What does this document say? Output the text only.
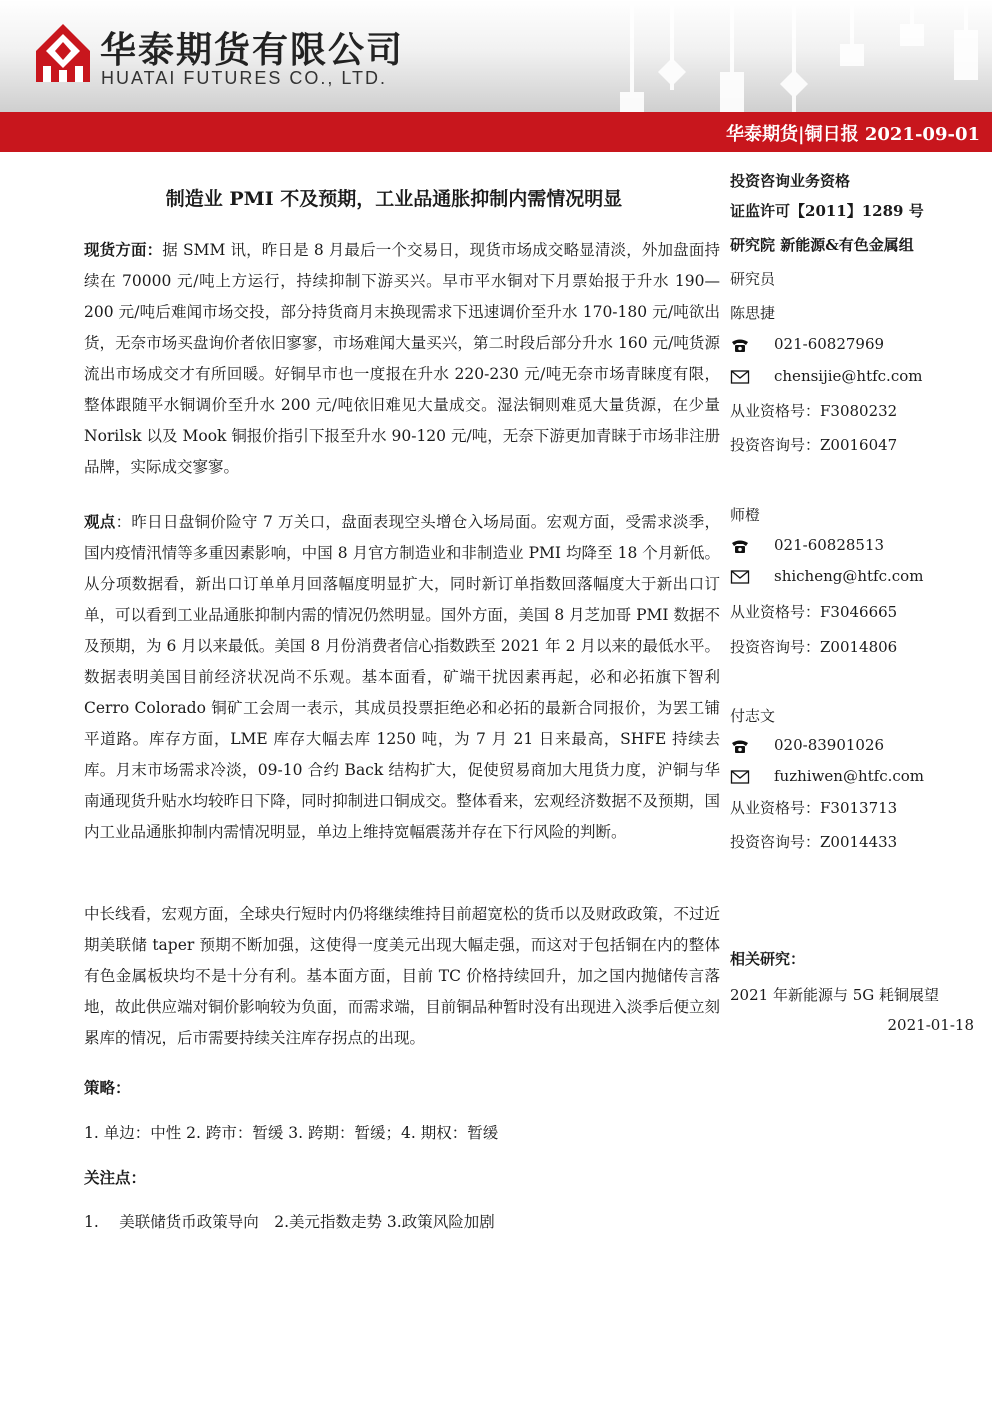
华泰期货有限公司
HUATAI FUTURES CO., LTD.
华泰期货|铜日报 2021-09-01
制造业 PMI 不及预期，工业品通胀抑制内需情况明显

现货方面：据 SMM 讯，昨日是 8 月最后一个交易日，现货市场成交略显清淡，外加盘面持续在 70000 元/吨上方运行，持续抑制下游买兴。早市平水铜对下月票始报于升水 190—200 元/吨后难闻市场交投，部分持货商月末换现需求下迅速调价至升水 170-180 元/吨欲出货，无奈市场买盘询价者依旧寥寥，市场难闻大量买兴，第二时段后部分升水 160 元/吨货源流出市场成交才有所回暖。好铜早市也一度报在升水 220-230 元/吨无奈市场青睐度有限，整体跟随平水铜调价至升水 200 元/吨依旧难见大量成交。湿法铜则难觅大量货源，在少量 Norilsk 以及 Mook 铜报价指引下报至升水 90-120 元/吨，无奈下游更加青睐于市场非注册品牌，实际成交寥寥。

观点：昨日日盘铜价险守 7 万关口，盘面表现空头增仓入场局面。宏观方面，受需求淡季，国内疫情汛情等多重因素影响，中国 8 月官方制造业和非制造业 PMI 均降至 18 个月新低。从分项数据看，新出口订单单月回落幅度明显扩大，同时新订单指数回落幅度大于新出口订单，可以看到工业品通胀抑制内需的情况仍然明显。国外方面，美国 8 月芝加哥 PMI 数据不及预期，为 6 月以来最低。美国 8 月份消费者信心指数跌至 2021 年 2 月以来的最低水平。数据表明美国目前经济状况尚不乐观。基本面看，矿端干扰因素再起，必和必拓旗下智利 Cerro Colorado 铜矿工会周一表示，其成员投票拒绝必和必拓的最新合同报价，为罢工铺平道路。库存方面，LME 库存大幅去库 1250 吨，为 7 月 21 日来最高，SHFE 持续去库。月末市场需求冷淡，09-10 合约 Back 结构扩大，促使贸易商加大甩货力度，沪铜与华南通现货升贴水均较昨日下降，同时抑制进口铜成交。整体看来，宏观经济数据不及预期，国内工业品通胀抑制内需情况明显，单边上维持宽幅震荡并存在下行风险的判断。

中长线看，宏观方面，全球央行短时内仍将继续维持目前超宽松的货币以及财政政策，不过近期美联储 taper 预期不断加强，这使得一度美元出现大幅走强，而这对于包括铜在内的整体有色金属板块均不是十分有利。基本面方面，目前 TC 价格持续回升，加之国内抛储传言落地，故此供应端对铜价影响较为负面，而需求端，目前铜品种暂时没有出现进入淡季后便立刻累库的情况，后市需要持续关注库存拐点的出现。

策略：
1. 单边：中性 2. 跨市：暂缓 3. 跨期：暂缓；4. 期权：暂缓
关注点：
1.　 美联储货币政策导向　2.美元指数走势 3.政策风险加剧
投资咨询业务资格
证监许可【2011】1289 号
研究院 新能源&有色金属组
研究员
陈思捷
021-60827969
chensijie@htfc.com
从业资格号：F3080232
投资咨询号：Z0016047
师橙
021-60828513
shicheng@htfc.com
从业资格号：F3046665
投资咨询号：Z0014806
付志文
020-83901026
fuzhiwen@htfc.com
从业资格号：F3013713
投资咨询号：Z0014433
相关研究：
2021 年新能源与 5G 耗铜展望
2021-01-18
